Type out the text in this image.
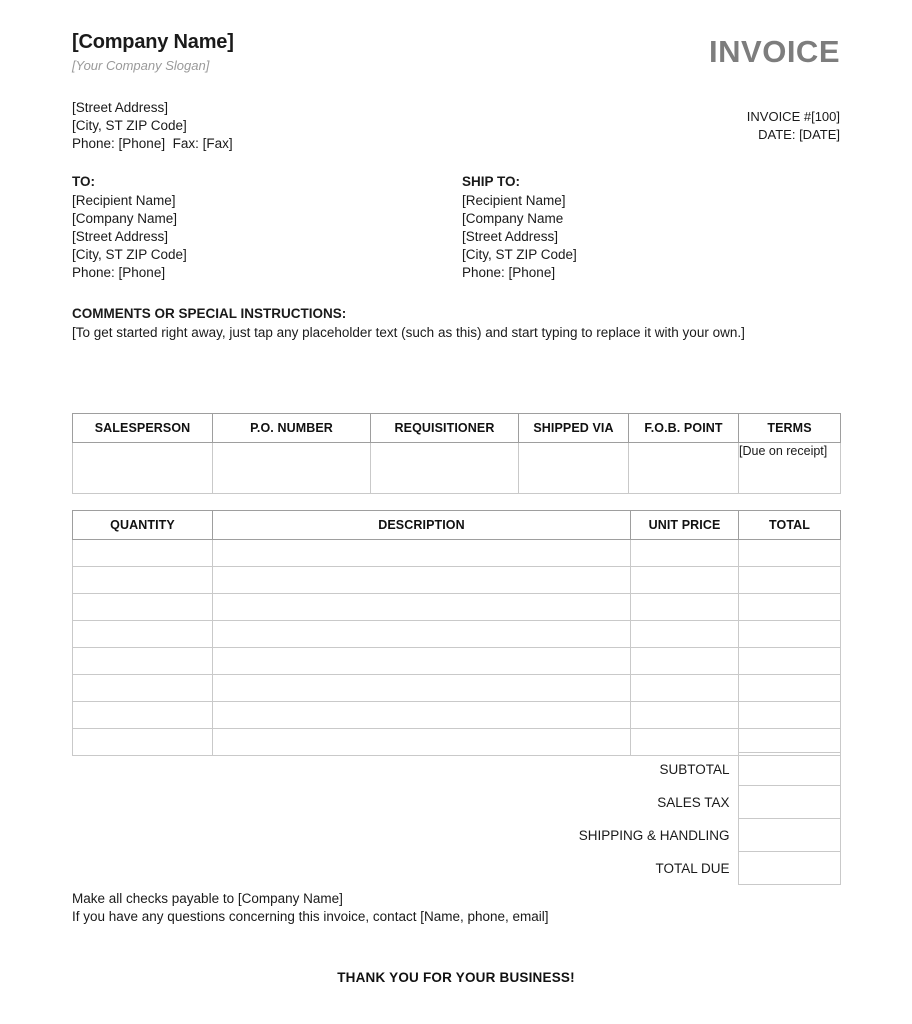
[Company Name]
[Your Company Slogan]	INVOICE
[Street Address]
[City, ST ZIP Code]
Phone: [Phone]  Fax: [Fax]
INVOICE #[100]
DATE: [DATE]
TO:
[Recipient Name]
[Company Name]
[Street Address]
[City, ST ZIP Code]
Phone: [Phone]
SHIP TO:
[Recipient Name]
[Company Name
[Street Address]
[City, ST ZIP Code]
Phone: [Phone]
COMMENTS OR SPECIAL INSTRUCTIONS:
[To get started right away, just tap any placeholder text (such as this) and start typing to replace it with your own.]
SALESPERSON	P.O. NUMBER	REQUISITIONER	SHIPPED VIA	F.O.B. POINT	TERMS
					[Due on receipt]
QUANTITY	DESCRIPTION	UNIT PRICE	TOTAL

	SUBTOTAL	
	SALES TAX	
	SHIPPING & HANDLING	
	TOTAL DUE	
Make all checks payable to [Company Name]
If you have any questions concerning this invoice, contact [Name, phone, email]
THANK YOU FOR YOUR BUSINESS!
